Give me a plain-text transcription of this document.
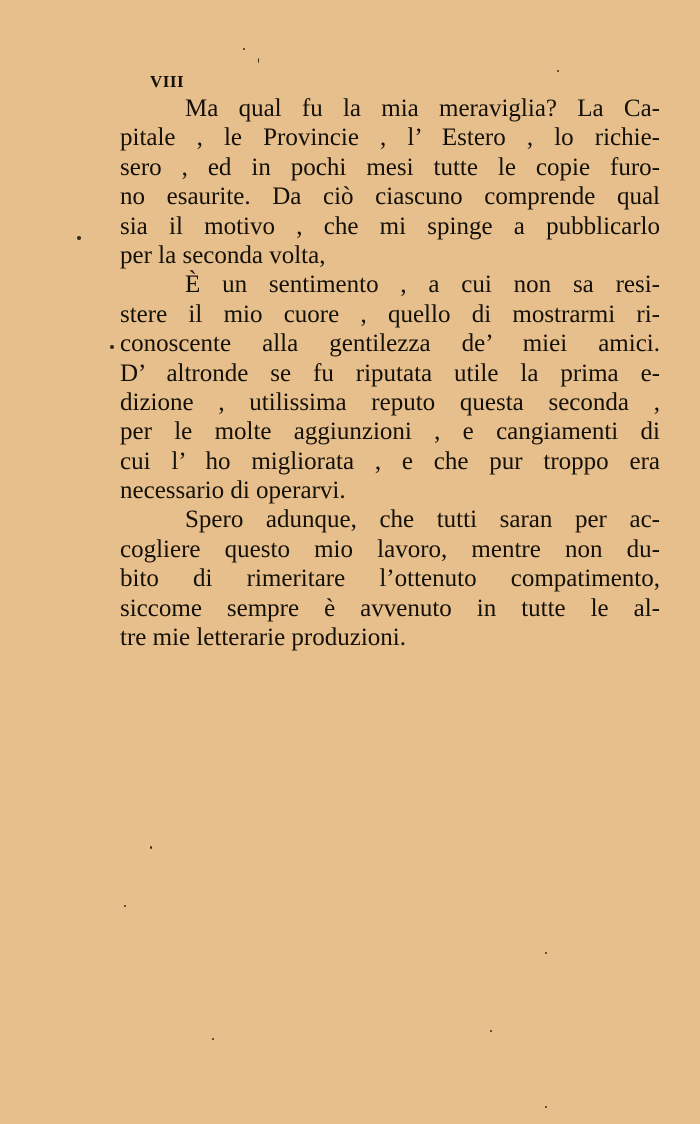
VIII
Ma qual fu la mia meraviglia? La Ca-
pitale , le Provincie , l’ Estero , lo richie-
sero , ed in pochi mesi tutte le copie furo-
no esaurite. Da ciò ciascuno comprende qual
sia il motivo , che mi spinge a pubblicarlo
per la seconda volta,
È un sentimento , a cui non sa resi-
stere il mio cuore , quello di mostrarmi ri-
conoscente alla gentilezza de’ miei amici.
D’ altronde se fu riputata utile la prima e-
dizione , utilissima reputo questa seconda ,
per le molte aggiunzioni , e cangiamenti di
cui l’ ho migliorata , e che pur troppo era
necessario di operarvi.
Spero adunque, che tutti saran per ac-
cogliere questo mio lavoro, mentre non du-
bito di rimeritare l’ottenuto compatimento,
siccome sempre è avvenuto in tutte le al-
tre mie letterarie produzioni.
